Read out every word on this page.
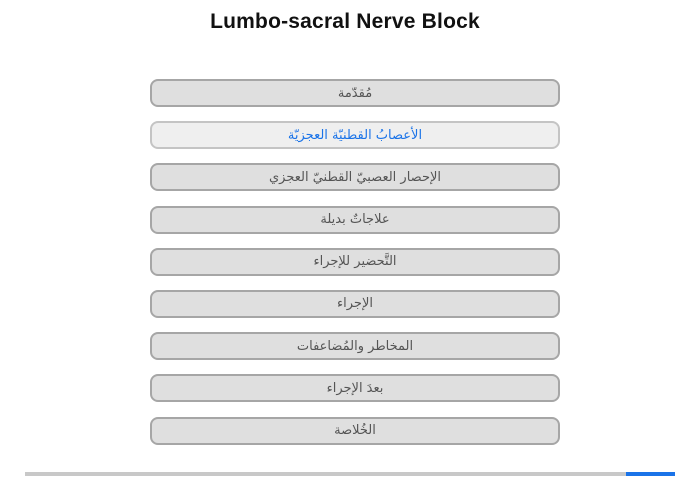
Lumbo-sacral Nerve Block
مُقدّمة
الأعصابُ القطنيّة العجزيّة
الإحصار العصبيّ القطنيّ العجزي
علاجاتٌ بديلة
التَّحضير للإجراء
الإجراء
المخاطر والمُضاعفات
بعدَ الإجراء
الخُلاصة
